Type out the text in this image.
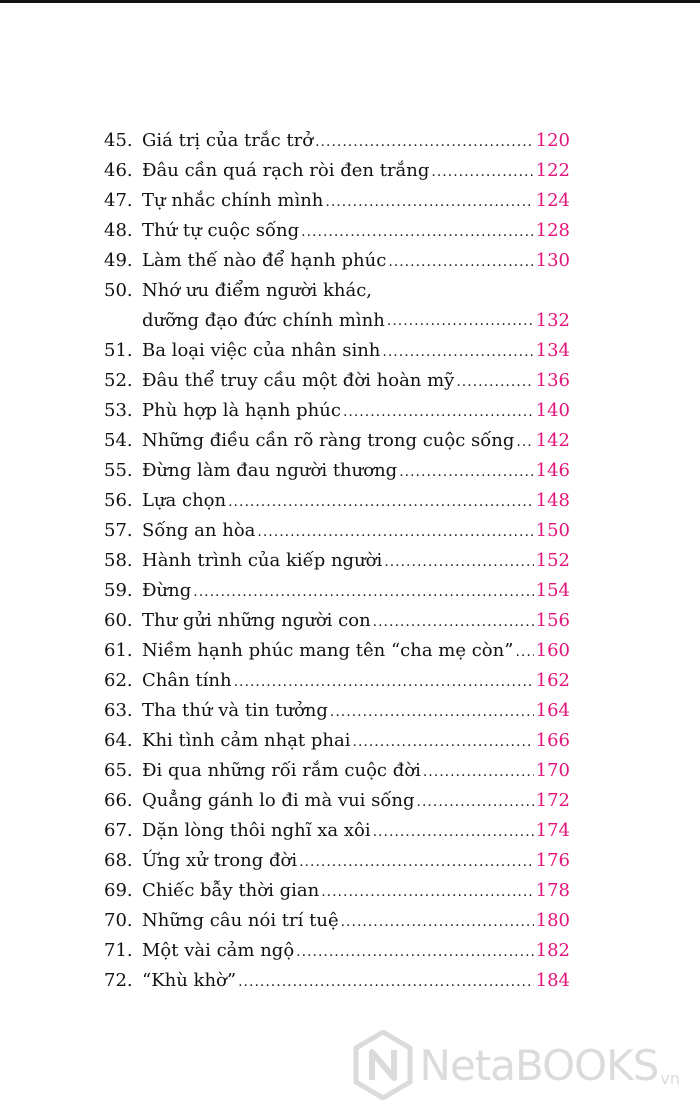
45. Giá trị của trắc trở .....	120
46. Đâu cần quá rạch ròi đen trắng .....	122
47. Tự nhắc chính mình .....	124
48. Thứ tự cuộc sống .....	128
49. Làm thế nào để hạnh phúc .....	130
50. Nhớ ưu điểm người khác,
dưỡng đạo đức chính mình .....	132
51. Ba loại việc của nhân sinh .....	134
52. Đâu thể truy cầu một đời hoàn mỹ .....	136
53. Phù hợp là hạnh phúc .....	140
54. Những điều cần rõ ràng trong cuộc sống ..... 142
55. Đừng làm đau người thương .....	146
56. Lựa chọn .....	148
57. Sống an hòa .....	150
58. Hành trình của kiếp người .....	152
59. Đừng .....	154
60. Thư gửi những người con .....	156
61. Niềm hạnh phúc mang tên “cha mẹ còn” ..... 160
62. Chân tính .....	162
63. Tha thứ và tin tưởng .....	164
64. Khi tình cảm nhạt phai .....	166
65. Đi qua những rối rắm cuộc đời .....	170
66. Quẳng gánh lo đi mà vui sống .....	172
67. Dặn lòng thôi nghĩ xa xôi .....	174
68. Ứng xử trong đời .....	176
69. Chiếc bẫy thời gian .....	178
70. Những câu nói trí tuệ .....	180
71. Một vài cảm ngộ .....	182
72. “Khù khờ” .....	184
NetaBOOKS vn
